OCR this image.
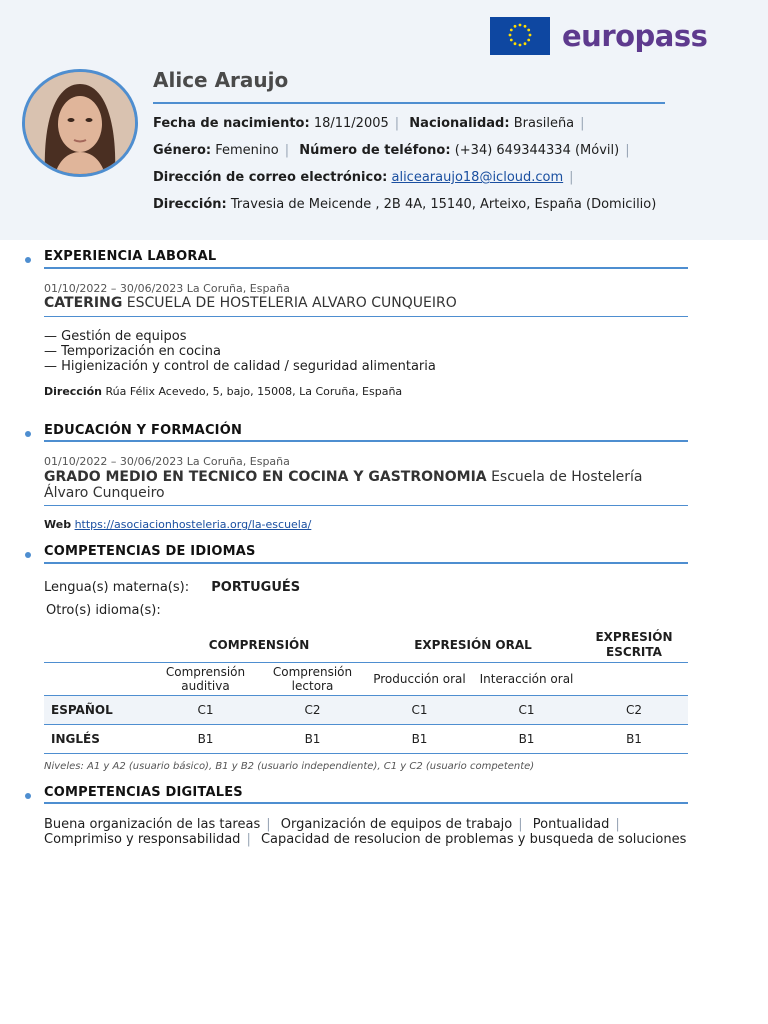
europass
Alice Araujo
Fecha de nacimiento: 18/11/2005 | Nacionalidad: Brasileña |
Género: Femenino | Número de teléfono: (+34) 649344334 (Móvil) |
Dirección de correo electrónico: alicearaujo18@icloud.com |
Dirección: Travesia de Meicende , 2B 4A, 15140, Arteixo, España (Domicilio)
EXPERIENCIA LABORAL
01/10/2022 – 30/06/2023 La Coruña, España
CATERING ESCUELA DE HOSTELERIA ALVARO CUNQUEIRO
— Gestión de equipos
— Temporización en cocina
— Higienización y control de calidad / seguridad alimentaria
Dirección Rúa Félix Acevedo, 5, bajo, 15008, La Coruña, España
EDUCACIÓN Y FORMACIÓN
01/10/2022 – 30/06/2023 La Coruña, España
GRADO MEDIO EN TECNICO EN COCINA Y GASTRONOMIA Escuela de Hostelería Álvaro Cunqueiro
Web https://asociacionhosteleria.org/la-escuela/
COMPETENCIAS DE IDIOMAS
Lengua(s) materna(s): PORTUGUÉS
Otro(s) idioma(s):
	COMPRENSIÓN		EXPRESIÓN ORAL		EXPRESIÓN ESCRITA
	Comprensión auditiva	Comprensión lectora	Producción oral	Interacción oral	
ESPAÑOL	C1	C2	C1	C1	C2
INGLÉS	B1	B1	B1	B1	B1
Niveles: A1 y A2 (usuario básico), B1 y B2 (usuario independiente), C1 y C2 (usuario competente)
COMPETENCIAS DIGITALES
Buena organización de las tareas | Organización de equipos de trabajo | Pontualidad | Comprimiso y responsabilidad | Capacidad de resolucion de problemas y busqueda de soluciones
